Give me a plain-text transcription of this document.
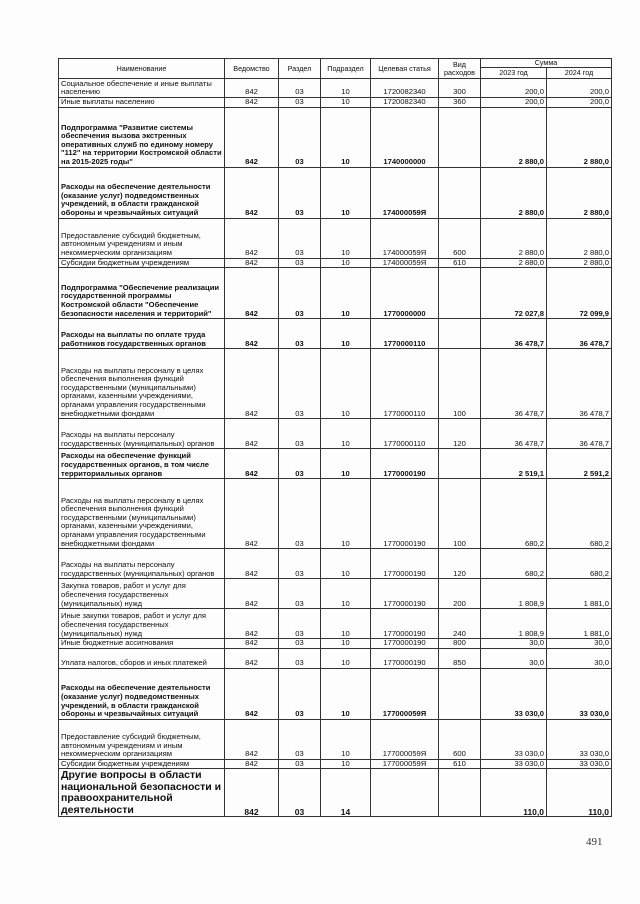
Наименование	Ведомство	Раздел	Подраздел	Целевая статья	Вид расходов	Сумма	
						2023 год	2024 год
Социальное обеспечение и иные выплаты населению	842	03	10	1720082340	300	200,0	200,0
Иные выплаты населению	842	03	10	1720082340	360	200,0	200,0
Подпрограмма "Развитие системы обеспечения вызова экстренных оперативных служб по единому номеру "112" на территории Костромской области на 2015-2025 годы"	842	03	10	1740000000		2 880,0	2 880,0
Расходы на обеспечение деятельности (оказание услуг) подведомственных учреждений, в области гражданской обороны и чрезвычайных ситуаций	842	03	10	174000059Я		2 880,0	2 880,0
Предоставление субсидий бюджетным, автономным учреждениям и иным некоммерческим организациям	842	03	10	174000059Я	600	2 880,0	2 880,0
Субсидии бюджетным учреждениям	842	03	10	174000059Я	610	2 880,0	2 880,0
Подпрограмма "Обеспечение реализации государственной программы Костромской области "Обеспечение безопасности населения и территорий"	842	03	10	1770000000		72 027,8	72 099,9
Расходы на выплаты по оплате труда работников государственных органов	842	03	10	1770000110		36 478,7	36 478,7
Расходы на выплаты персоналу в целях обеспечения выполнения функций государственными (муниципальными) органами, казенными учреждениями, органами управления государственными внебюджетными фондами	842	03	10	1770000110	100	36 478,7	36 478,7
Расходы на выплаты персоналу государственных (муниципальных) органов	842	03	10	1770000110	120	36 478,7	36 478,7
Расходы на обеспечение функций государственных органов, в том числе территориальных органов	842	03	10	1770000190		2 519,1	2 591,2
Расходы на выплаты персоналу в целях обеспечения выполнения функций государственными (муниципальными) органами, казенными учреждениями, органами управления государственными внебюджетными фондами	842	03	10	1770000190	100	680,2	680,2
Расходы на выплаты персоналу государственных (муниципальных) органов	842	03	10	1770000190	120	680,2	680,2
Закупка товаров, работ и услуг для обеспечения государственных (муниципальных) нужд	842	03	10	1770000190	200	1 808,9	1 881,0
Иные закупки товаров, работ и услуг для обеспечения государственных (муниципальных) нужд	842	03	10	1770000190	240	1 808,9	1 881,0
Иные бюджетные ассигнования	842	03	10	1770000190	800	30,0	30,0
Уплата налогов, сборов и иных платежей	842	03	10	1770000190	850	30,0	30,0
Расходы на обеспечение деятельности (оказание услуг) подведомственных учреждений, в области гражданской обороны и чрезвычайных ситуаций	842	03	10	177000059Я		33 030,0	33 030,0
Предоставление субсидий бюджетным, автономным учреждениям и иным некоммерческим организациям	842	03	10	177000059Я	600	33 030,0	33 030,0
Субсидии бюджетным учреждениям	842	03	10	177000059Я	610	33 030,0	33 030,0
Другие вопросы в области национальной безопасности и правоохранительной деятельности	842	03	14			110,0	110,0
491
